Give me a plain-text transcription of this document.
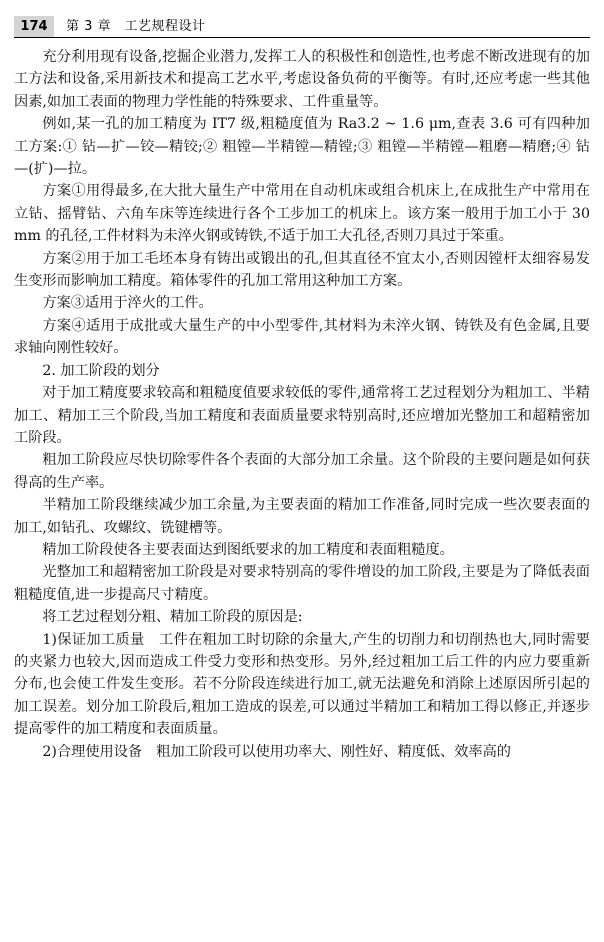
174	第 3 章　工艺规程设计

充分利用现有设备,挖掘企业潜力,发挥工人的积极性和创造性,也考虑不断改进现有的加工方法和设备,采用新技术和提高工艺水平,考虑设备负荷的平衡等。有时,还应考虑一些其他因素,如加工表面的物理力学性能的特殊要求、工件重量等。

例如,某一孔的加工精度为 IT7 级,粗糙度值为 Ra3.2 ~ 1.6 μm,查表 3.6 可有四种加工方案:① 钻—扩—铰—精铰;② 粗镗—半精镗—精镗;③ 粗镗—半精镗—粗磨—精磨;④ 钻—(扩)—拉。

方案①用得最多,在大批大量生产中常用在自动机床或组合机床上,在成批生产中常用在立钻、摇臂钻、六角车床等连续进行各个工步加工的机床上。该方案一般用于加工小于 30 mm 的孔径,工件材料为未淬火钢或铸铁,不适于加工大孔径,否则刀具过于笨重。

方案②用于加工毛坯本身有铸出或锻出的孔,但其直径不宜太小,否则因镗杆太细容易发生变形而影响加工精度。箱体零件的孔加工常用这种加工方案。

方案③适用于淬火的工件。

方案④适用于成批或大量生产的中小型零件,其材料为未淬火钢、铸铁及有色金属,且要求轴向刚性较好。

2. 加工阶段的划分

对于加工精度要求较高和粗糙度值要求较低的零件,通常将工艺过程划分为粗加工、半精加工、精加工三个阶段,当加工精度和表面质量要求特别高时,还应增加光整加工和超精密加工阶段。

粗加工阶段应尽快切除零件各个表面的大部分加工余量。这个阶段的主要问题是如何获得高的生产率。

半精加工阶段继续减少加工余量,为主要表面的精加工作准备,同时完成一些次要表面的加工,如钻孔、攻螺纹、铣键槽等。

精加工阶段使各主要表面达到图纸要求的加工精度和表面粗糙度。

光整加工和超精密加工阶段是对要求特别高的零件增设的加工阶段,主要是为了降低表面粗糙度值,进一步提高尺寸精度。

将工艺过程划分粗、精加工阶段的原因是:

1)保证加工质量　工件在粗加工时切除的余量大,产生的切削力和切削热也大,同时需要的夹紧力也较大,因而造成工件受力变形和热变形。另外,经过粗加工后工件的内应力要重新分布,也会使工件发生变形。若不分阶段连续进行加工,就无法避免和消除上述原因所引起的加工误差。划分加工阶段后,粗加工造成的误差,可以通过半精加工和精加工得以修正,并逐步提高零件的加工精度和表面质量。

2)合理使用设备　粗加工阶段可以使用功率大、刚性好、精度低、效率高的
